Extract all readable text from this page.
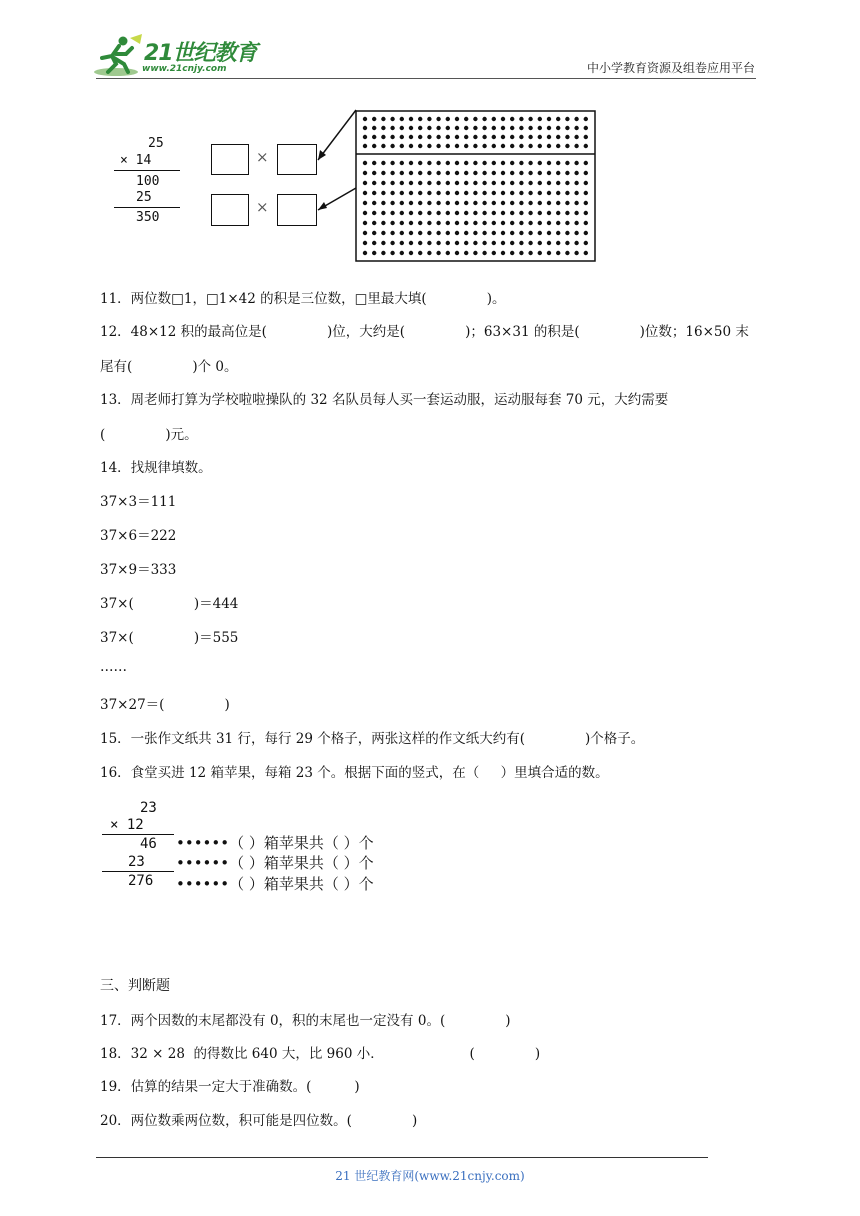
21世纪教育
www.21cnjy.com	中小学教育资源及组卷应用平台
25
× 14
100
25
350
×
×
11．两位数□1，□1×42 的积是三位数，□里最大填(              )。
12．48×12 积的最高位是(              )位，大约是(              )；63×31 的积是(              )位数；16×50 末
尾有(              )个 0。
13．周老师打算为学校啦啦操队的 32 名队员每人买一套运动服，运动服每套 70 元，大约需要
(              )元。
14．找规律填数。
37×3＝111
37×6＝222
37×9＝333
37×(              )＝444
37×(              )＝555
……
37×27＝(              )
15．一张作文纸共 31 行，每行 29 个格子，两张这样的作文纸大约有(              )个格子。
16．食堂买进 12 箱苹果，每箱 23 个。根据下面的竖式，在（     ）里填合适的数。
23
× 12
46
23
276
••••••（ ）箱苹果共（ ）个
••••••（ ）箱苹果共（ ）个
••••••（ ）箱苹果共（ ）个
三、判断题
17．两个因数的末尾都没有 0，积的末尾也一定没有 0。(              )
18．32 × 28  的得数比 640 大，比 960 小．                    (              )
19．估算的结果一定大于准确数。(          )
20．两位数乘两位数，积可能是四位数。(              )
21 世纪教育网(www.21cnjy.com)
